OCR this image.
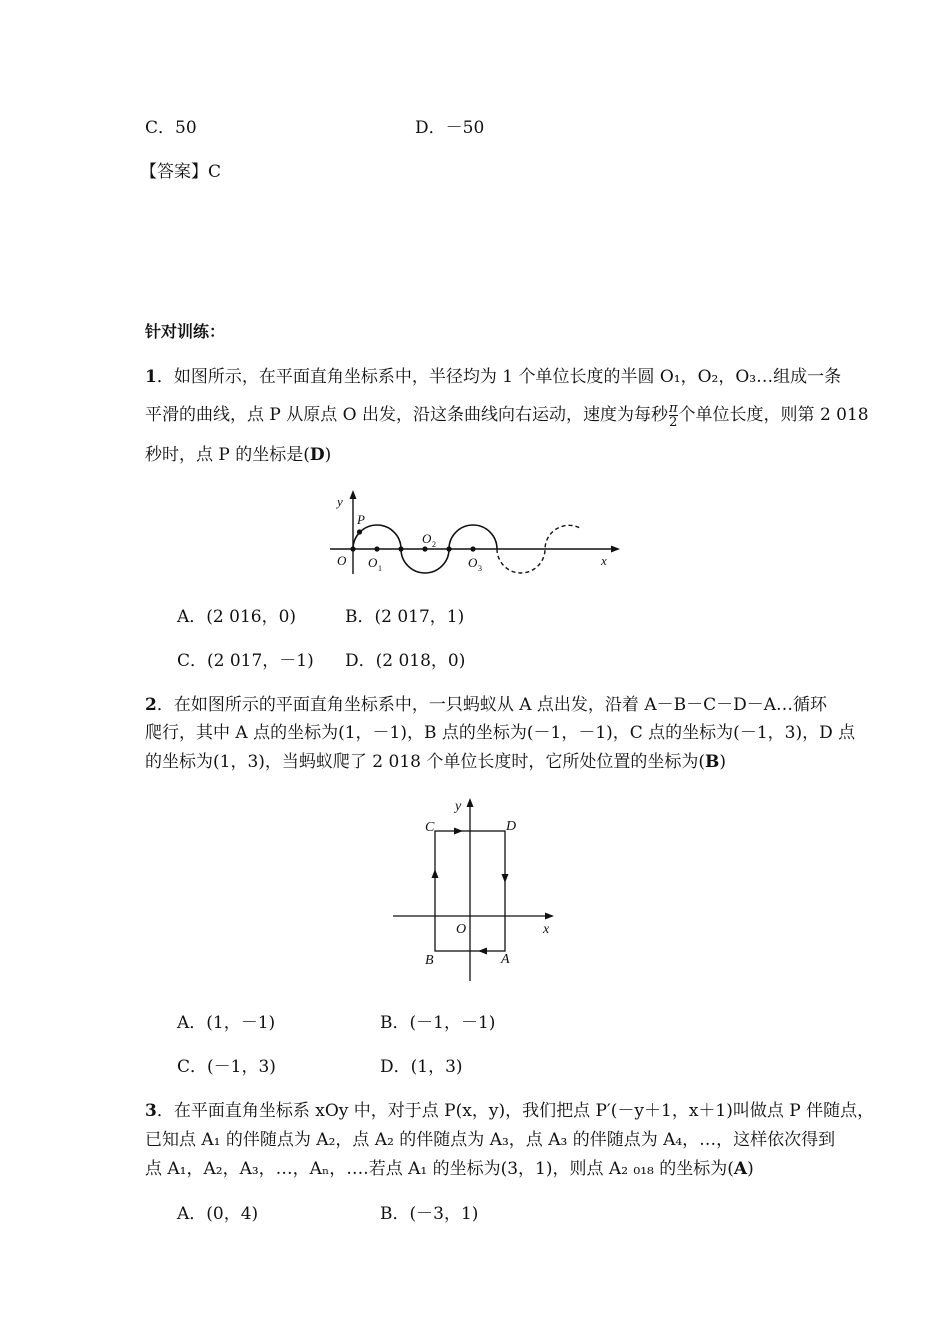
C．50	D．－50
【答案】C
针对训练：
1．如图所示，在平面直角坐标系中，半径均为 1 个单位长度的半圆 O₁，O₂，O₃…组成一条
平滑的曲线，点 P 从原点 O 出发，沿这条曲线向右运动，速度为每秒 $\frac{\pi}{2}$ 个单位长度，则第 2 018
秒时，点 P 的坐标是(D)
y
P
O O 1
O 2
O 3
x
A．(2 016，0)	B．(2 017，1)
C．(2 017，－1) D．(2 018，0)
2．在如图所示的平面直角坐标系中，一只蚂蚁从 A 点出发，沿着 A－B－C－D－A…循环
爬行，其中 A 点的坐标为(1，－1)，B 点的坐标为(－1，－1)，C 点的坐标为(－1，3)，D 点
的坐标为(1，3)，当蚂蚁爬了 2 018 个单位长度时，它所处位置的坐标为(B)
y
C	D
O	x
B	A
A．(1，－1)	B．(－1，－1)
C．(－1，3)	D．(1，3)
3．在平面直角坐标系 xOy 中，对于点 P(x，y)，我们把点 P′(－y＋1，x＋1)叫做点 P 伴随点，
已知点 A₁ 的伴随点为 A₂，点 A₂ 的伴随点为 A₃，点 A₃ 的伴随点为 A₄，…，这样依次得到
点 A₁，A₂，A₃，…，Aₙ，….若点 A₁ 的坐标为(3，1)，则点 A₂ ₀₁₈ 的坐标为(A)
A．(0，4)	B．(－3，1)
